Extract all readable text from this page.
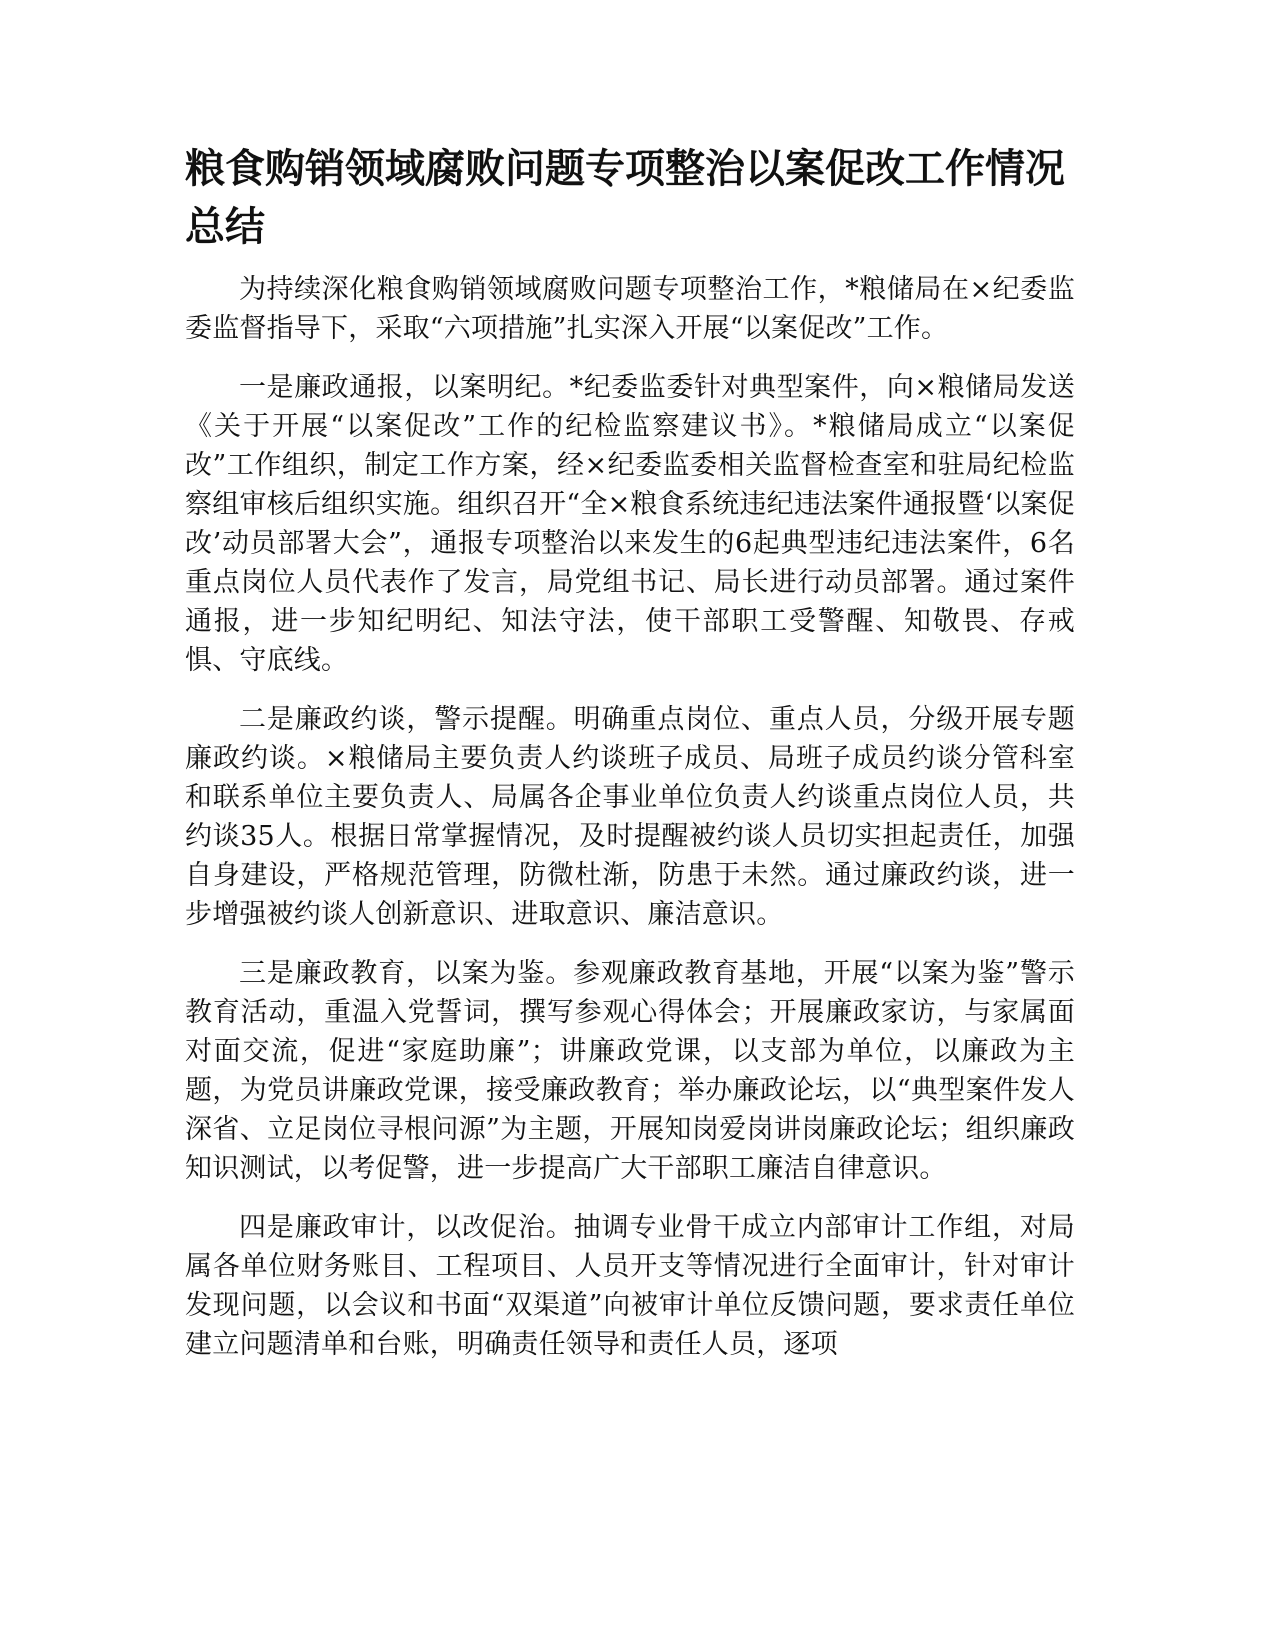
粮食购销领域腐败问题专项整治以案促改工作情况总结

为持续深化粮食购销领域腐败问题专项整治工作，*粮储局在×纪委监委监督指导下，采取“六项措施”扎实深入开展“以案促改”工作。

一是廉政通报，以案明纪。*纪委监委针对典型案件，向×粮储局发送《关于开展“以案促改”工作的纪检监察建议书》。*粮储局成立“以案促改”工作组织，制定工作方案，经×纪委监委相关监督检查室和驻局纪检监察组审核后组织实施。组织召开“全×粮食系统违纪违法案件通报暨‘以案促改’动员部署大会”，通报专项整治以来发生的6起典型违纪违法案件，6名重点岗位人员代表作了发言，局党组书记、局长进行动员部署。通过案件通报，进一步知纪明纪、知法守法，使干部职工受警醒、知敬畏、存戒惧、守底线。

二是廉政约谈，警示提醒。明确重点岗位、重点人员，分级开展专题廉政约谈。×粮储局主要负责人约谈班子成员、局班子成员约谈分管科室和联系单位主要负责人、局属各企事业单位负责人约谈重点岗位人员，共约谈35人。根据日常掌握情况，及时提醒被约谈人员切实担起责任，加强自身建设，严格规范管理，防微杜渐，防患于未然。通过廉政约谈，进一步增强被约谈人创新意识、进取意识、廉洁意识。

三是廉政教育，以案为鉴。参观廉政教育基地，开展“以案为鉴”警示教育活动，重温入党誓词，撰写参观心得体会；开展廉政家访，与家属面对面交流，促进“家庭助廉”；讲廉政党课，以支部为单位，以廉政为主题，为党员讲廉政党课，接受廉政教育；举办廉政论坛，以“典型案件发人深省、立足岗位寻根问源”为主题，开展知岗爱岗讲岗廉政论坛；组织廉政知识测试，以考促警，进一步提高广大干部职工廉洁自律意识。

四是廉政审计，以改促治。抽调专业骨干成立内部审计工作组，对局属各单位财务账目、工程项目、人员开支等情况进行全面审计，针对审计发现问题，以会议和书面“双渠道”向被审计单位反馈问题，要求责任单位建立问题清单和台账，明确责任领导和责任人员，逐项
